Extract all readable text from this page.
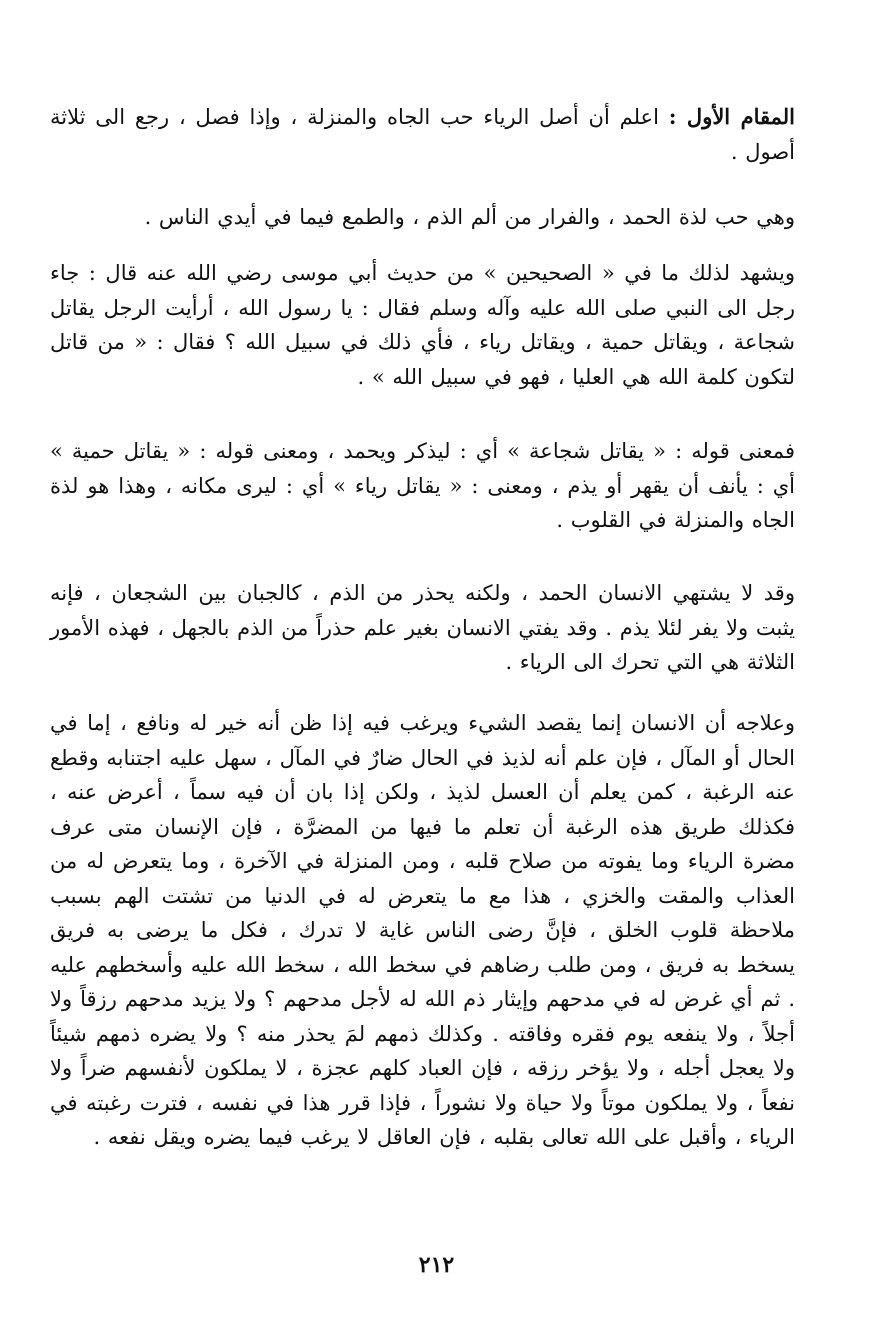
المقام الأول : اعلم أن أصل الرياء حب الجاه والمنزلة ، وإذا فصل ، رجع الى ثلاثة أصول .

وهي حب لذة الحمد ، والفرار من ألم الذم ، والطمع فيما في أيدي الناس .

ويشهد لذلك ما في « الصحيحين » من حديث أبي موسى رضي الله عنه قال : جاء رجل الى النبي صلى الله عليه وآله وسلم فقال : يا رسول الله ، أرأيت الرجل يقاتل شجاعة ، ويقاتل حمية ، ويقاتل رياء ، فأي ذلك في سبيل الله ؟ فقال : « من قاتل لتكون كلمة الله هي العليا ، فهو في سبيل الله » .

فمعنى قوله : « يقاتل شجاعة » أي : ليذكر ويحمد ، ومعنى قوله : « يقاتل حمية » أي : يأنف أن يقهر أو يذم ، ومعنى : « يقاتل رياء » أي : ليرى مكانه ، وهذا هو لذة الجاه والمنزلة في القلوب .

وقد لا يشتهي الانسان الحمد ، ولكنه يحذر من الذم ، كالجبان بين الشجعان ، فإنه يثبت ولا يفر لئلا يذم . وقد يفتي الانسان بغير علم حذراً من الذم بالجهل ، فهذه الأمور الثلاثة هي التي تحرك الى الرياء .

وعلاجه أن الانسان إنما يقصد الشيء ويرغب فيه إذا ظن أنه خير له ونافع ، إما في الحال أو المآل ، فإن علم أنه لذيذ في الحال ضارٌ في المآل ، سهل عليه اجتنابه وقطع عنه الرغبة ، كمن يعلم أن العسل لذيذ ، ولكن إذا بان أن فيه سماً ، أعرض عنه ، فكذلك طريق هذه الرغبة أن تعلم ما فيها من المضرَّة ، فإن الإنسان متى عرف مضرة الرياء وما يفوته من صلاح قلبه ، ومن المنزلة في الآخرة ، وما يتعرض له من العذاب والمقت والخزي ، هذا مع ما يتعرض له في الدنيا من تشتت الهم بسبب ملاحظة قلوب الخلق ، فإنَّ رضى الناس غاية لا تدرك ، فكل ما يرضى به فريق يسخط به فريق ، ومن طلب رضاهم في سخط الله ، سخط الله عليه وأسخطهم عليه . ثم أي غرض له في مدحهم وإيثار ذم الله له لأجل مدحهم ؟ ولا يزيد مدحهم رزقاً ولا أجلاً ، ولا ينفعه يوم فقره وفاقته . وكذلك ذمهم لمَ يحذر منه ؟ ولا يضره ذمهم شيئاً ولا يعجل أجله ، ولا يؤخر رزقه ، فإن العباد كلهم عجزة ، لا يملكون لأنفسهم ضراً ولا نفعاً ، ولا يملكون موتاً ولا حياة ولا نشوراً ، فإذا قرر هذا في نفسه ، فترت رغبته في الرياء ، وأقبل على الله تعالى بقلبه ، فإن العاقل لا يرغب فيما يضره ويقل نفعه .

٢١٢
